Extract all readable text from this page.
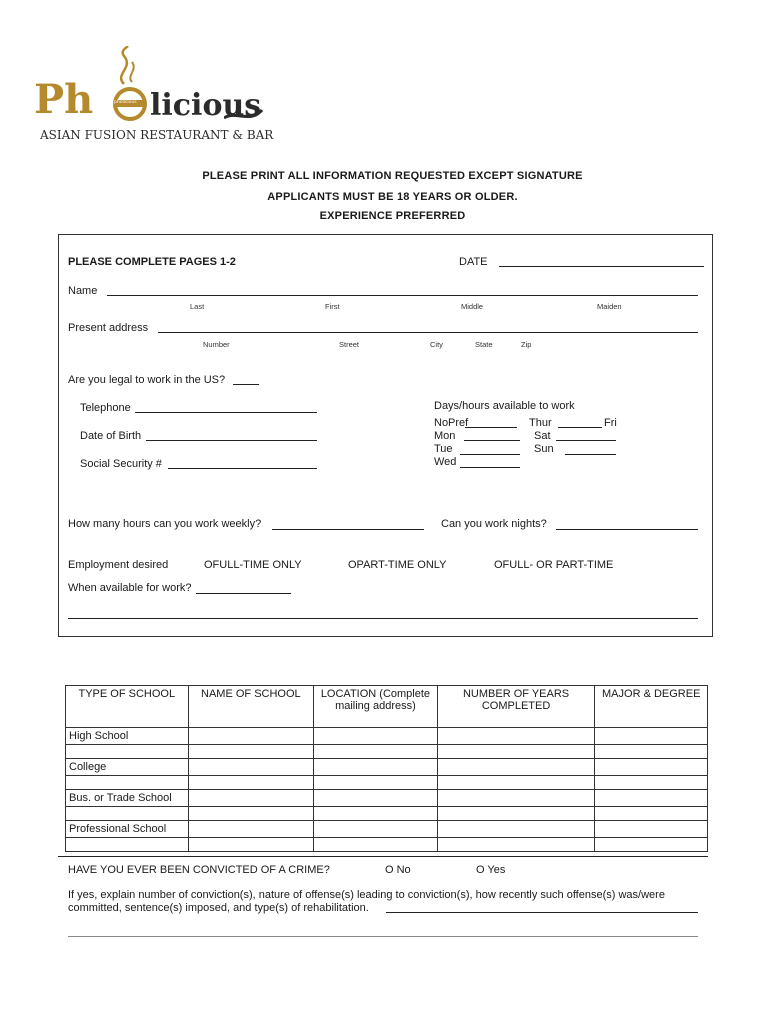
Ph	pholicious licious
ASIAN FUSION RESTAURANT & BAR
PLEASE PRINT ALL INFORMATION REQUESTED EXCEPT SIGNATURE
APPLICANTS MUST BE 18 YEARS OR OLDER.
EXPERIENCE PREFERRED
PLEASE COMPLETE PAGES 1-2	DATE
Name
Last	First	Middle	Maiden
Present address
Number	Street	City	State	Zip
Are you legal to work in the US?
Telephone
Date of Birth
Social Security #
Days/hours available to work
NoPref
Mon
Tue
Wed
Thur	Fri
Sat
Sun
How many hours can you work weekly?	Can you work nights?
Employment desired	OFULL-TIME ONLY	OPART-TIME ONLY	OFULL- OR PART-TIME
When available for work?
TYPE OF SCHOOL	NAME OF SCHOOL	LOCATION (Complete mailing address)	NUMBER OF YEARS COMPLETED	MAJOR & DEGREE
High School				

College				

Bus. or Trade School				

Professional School				

HAVE YOU EVER BEEN CONVICTED OF A CRIME?	O No	O Yes
If yes, explain number of conviction(s), nature of offense(s) leading to conviction(s), how recently such offense(s) was/were
committed, sentence(s) imposed, and type(s) of rehabilitation.
